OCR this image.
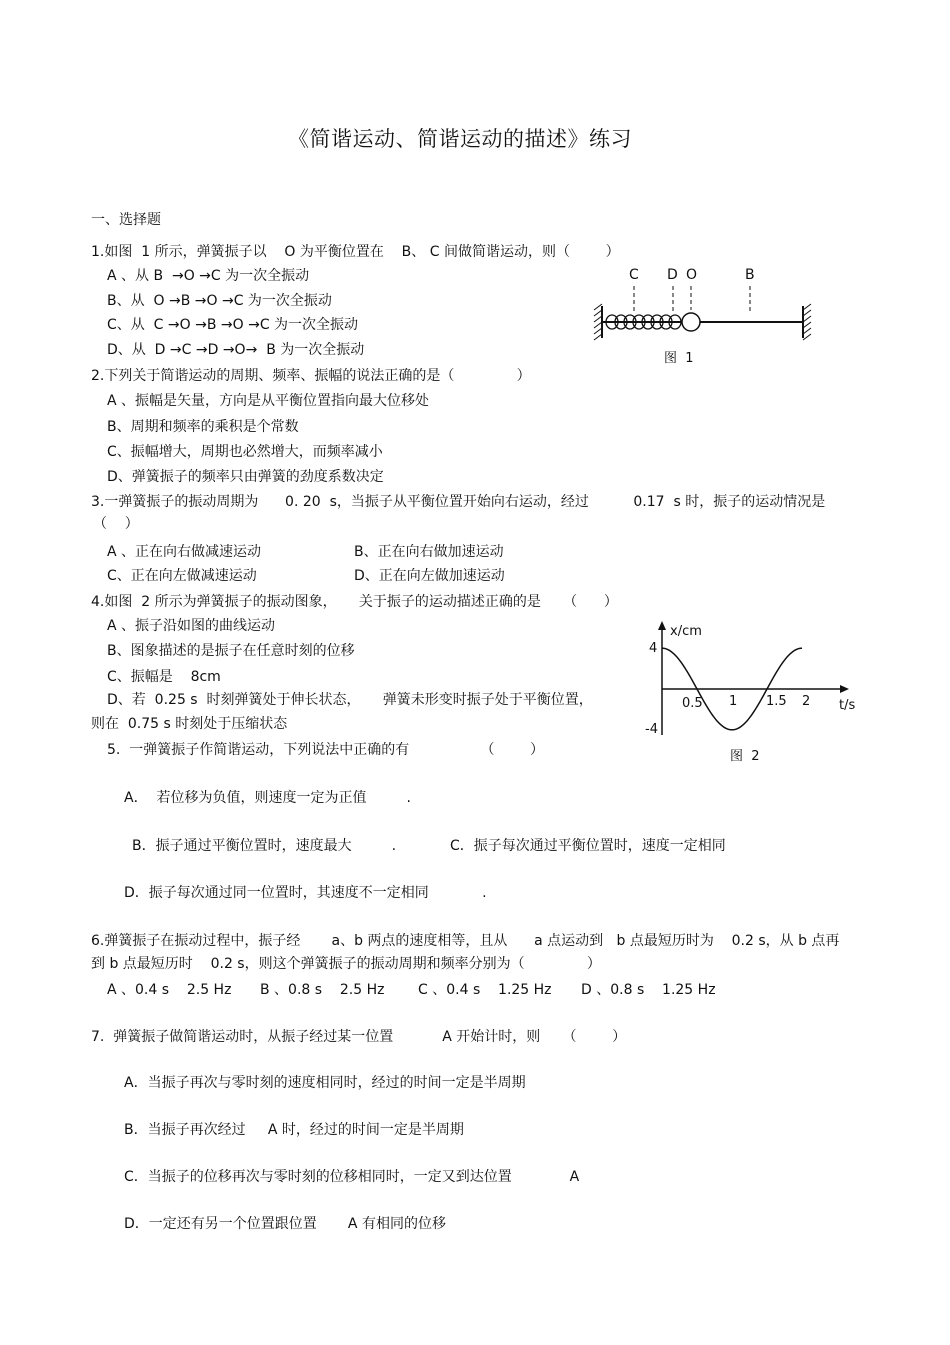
《简谐运动、简谐运动的描述》练习
一、选择题
1.如图  1 所示，弹簧振子以    O 为平衡位置在    B、 C 间做简谐运动，则（        ）
A 、从 B  →O →C 为一次全振动
B、从  O →B →O →C 为一次全振动
C、从  C →O →B →O →C 为一次全振动
D、从  D →C →D →O→  B 为一次全振动
C D O	B
图  1
2.下列关于简谐运动的周期、频率、振幅的说法正确的是（              ）
A 、振幅是矢量，方向是从平衡位置指向最大位移处
B、周期和频率的乘积是个常数
C、振幅增大，周期也必然增大，而频率减小
D、弹簧振子的频率只由弹簧的劲度系数决定
3.一弹簧振子的振动周期为      0. 20  s，当振子从平衡位置开始向右运动，经过          0.17  s 时，振子的运动情况是
（    ）
A 、正在向右做减速运动	B、正在向右做加速运动
C、正在向左做减速运动	D、正在向左做加速运动
4.如图  2 所示为弹簧振子的振动图象，     关于振子的运动描述正确的是     （      ）
A 、振子沿如图的曲线运动
B、图象描述的是振子在任意时刻的位移
C、振幅是    8cm
D、若  0.25 s  时刻弹簧处于伸长状态，     弹簧未形变时振子处于平衡位置，
则在  0.75 s 时刻处于压缩状态
x/cm
t/s
4
-4
0.5 1 1.5 2
图  2
5.  一弹簧振子作简谐运动，下列说法中正确的有                （        ）
A．  若位移为负值，则速度一定为正值         .
B．振子通过平衡位置时，速度最大         .	C．振子每次通过平衡位置时，速度一定相同
D．振子每次通过同一位置时，其速度不一定相同            .
6.弹簧振子在振动过程中，振子经       a、b 两点的速度相等，且从      a 点运动到   b 点最短历时为    0.2 s，从 b 点再
到 b 点最短历时    0.2 s，则这个弹簧振子的振动周期和频率分别为（              ）
A 、0.4 s    2.5 Hz B 、0.8 s    2.5 Hz C 、0.4 s    1.25 Hz D 、0.8 s    1.25 Hz
7.  弹簧振子做简谐运动时，从振子经过某一位置           A 开始计时，则     （        ）
A．当振子再次与零时刻的速度相同时，经过的时间一定是半周期
B．当振子再次经过     A 时，经过的时间一定是半周期
C．当振子的位移再次与零时刻的位移相同时，一定又到达位置             A
D．一定还有另一个位置跟位置       A 有相同的位移
